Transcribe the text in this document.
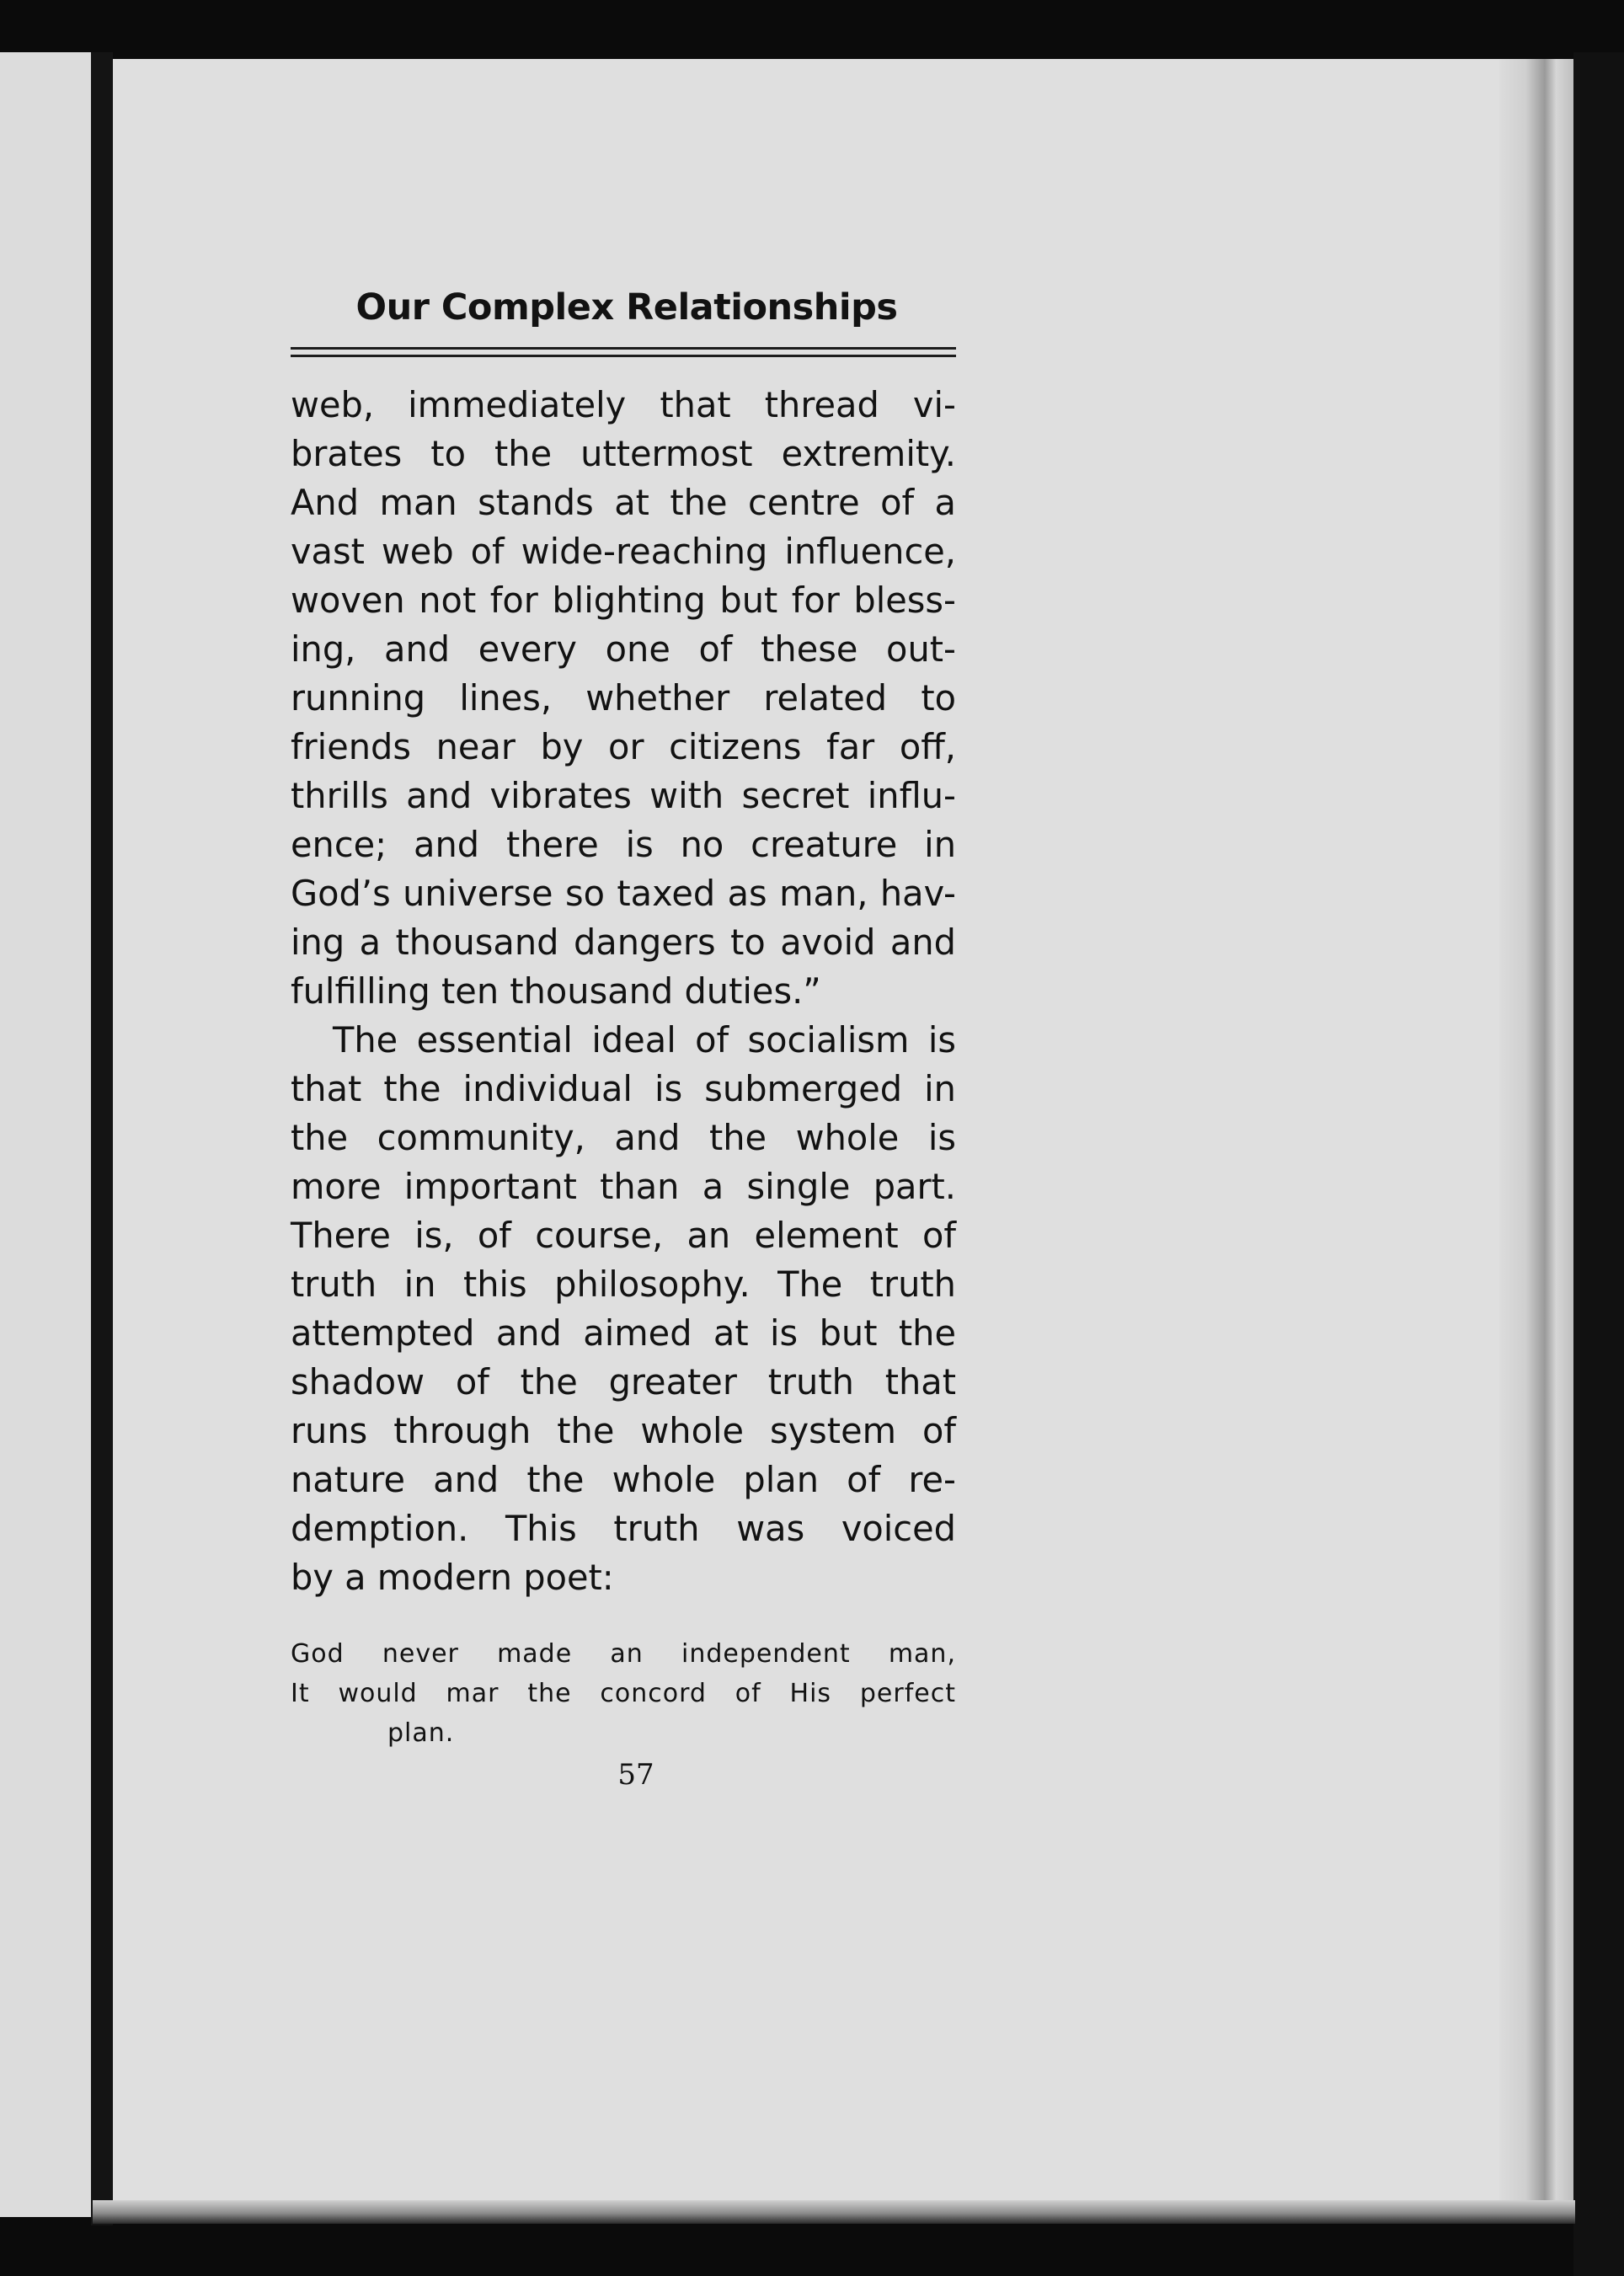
Our Complex Relationships
web, immediately that thread vi-
brates to the uttermost extremity.
And man stands at the centre of a
vast web of wide-reaching influence,
woven not for blighting but for bless-
ing, and every one of these out-
running lines, whether related to
friends near by or citizens far off,
thrills and vibrates with secret influ-
ence; and there is no creature in
God’s universe so taxed as man, hav-
ing a thousand dangers to avoid and
fulfilling ten thousand duties.”
The essential ideal of socialism is
that the individual is submerged in
the community, and the whole is
more important than a single part.
There is, of course, an element of
truth in this philosophy. The truth
attempted and aimed at is but the
shadow of the greater truth that
runs through the whole system of
nature and the whole plan of re-
demption. This truth was voiced
by a modern poet:
God never made an independent man,
It would mar the concord of His perfect
plan.
57
